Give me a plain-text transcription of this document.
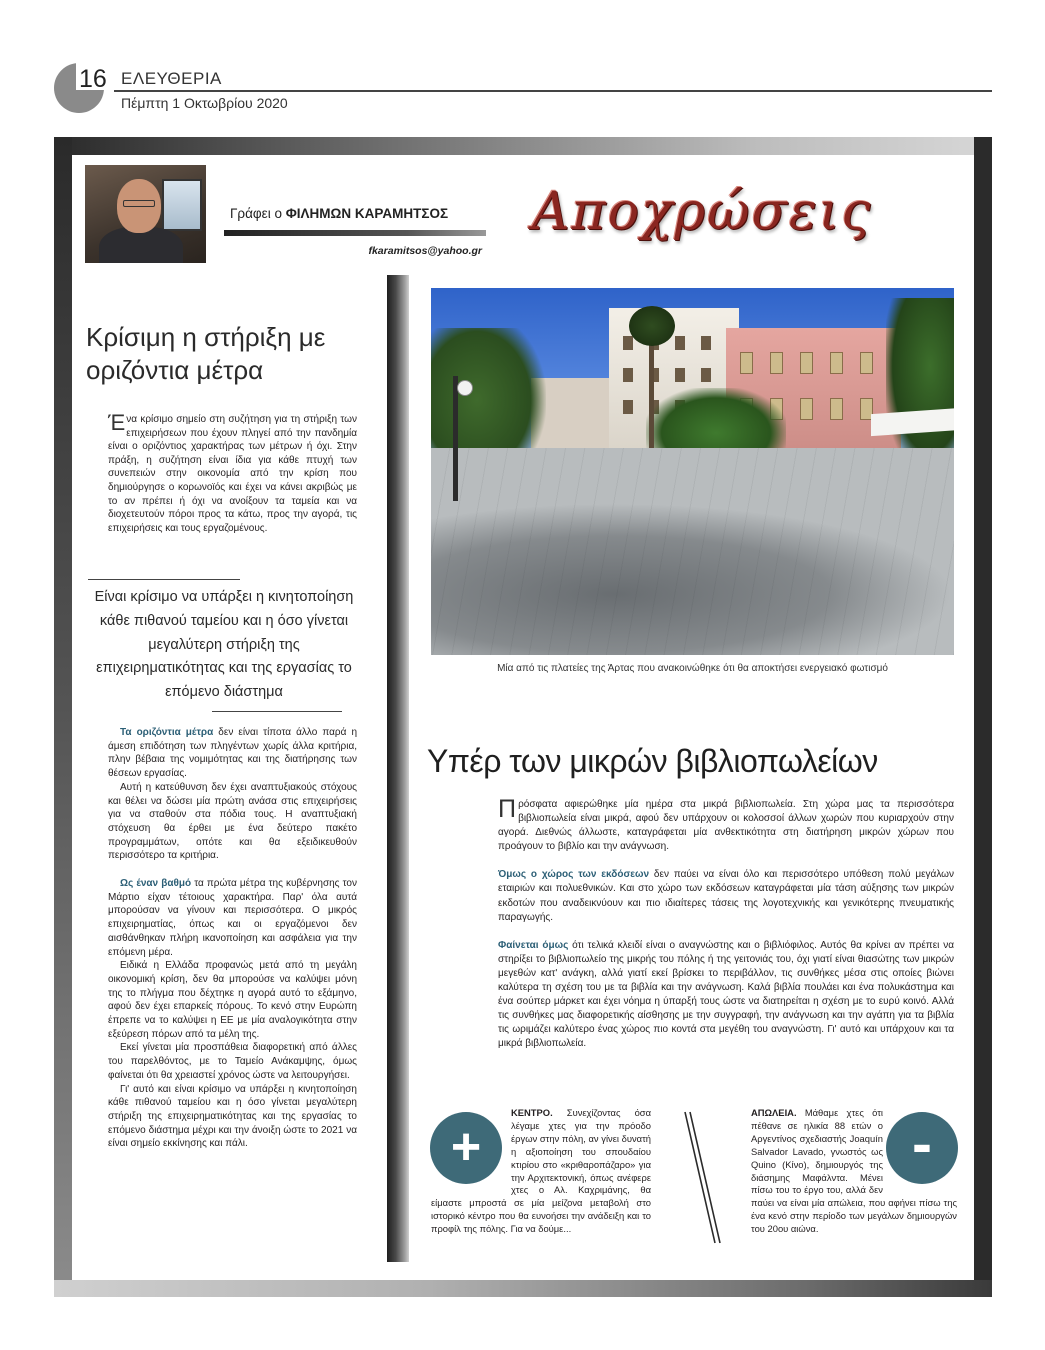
16 ΕΛΕΥΘΕΡΙΑ
Πέμπτη 1 Οκτωβρίου 2020
Γράφει ο ΦΙΛΗΜΩΝ ΚΑΡΑΜΗΤΣΟΣ
fkaramitsos@yahoo.gr
Αποχρώσεις
Κρίσιμη η στήριξη με οριζόντια μέτρα
Ένα κρίσιμο σημείο στη συζήτηση για τη στήριξη των επιχειρήσεων που έχουν πληγεί από την πανδημία είναι ο οριζόντιος χαρακτήρας των μέτρων ή όχι. Στην πράξη, η συζήτηση είναι ίδια για κάθε πτυχή των συνεπειών στην οικονομία από την κρίση που δημιούργησε ο κορωνοϊός και έχει να κάνει ακριβώς με το αν πρέπει ή όχι να ανοίξουν τα ταμεία και να διοχετευτούν πόροι προς τα κάτω, προς την αγορά, τις επιχειρήσεις και τους εργαζομένους.
Είναι κρίσιμο να υπάρξει η κινητοποίηση κάθε πιθανού ταμείου και η όσο γίνεται μεγαλύτερη στήριξη της επιχειρηματικότητας και της εργασίας το επόμενο διάστημα

Τα οριζόντια μέτρα δεν είναι τίποτα άλλο παρά η άμεση επιδότηση των πληγέντων χωρίς άλλα κριτήρια, πλην βέβαια της νομιμότητας και της διατήρησης των θέσεων εργασίας.

Αυτή η κατεύθυνση δεν έχει αναπτυξιακούς στόχους και θέλει να δώσει μία πρώτη ανάσα στις επιχειρήσεις για να σταθούν στα πόδια τους. Η αναπτυξιακή στόχευση θα έρθει με ένα δεύτερο πακέτο προγραμμάτων, οπότε και θα εξειδικευθούν περισσότερο τα κριτήρια.

Ως έναν βαθμό τα πρώτα μέτρα της κυβέρνησης τον Μάρτιο είχαν τέτοιους χαρακτήρα. Παρ' όλα αυτά μπορούσαν να γίνουν και περισσότερα. Ο μικρός επιχειρηματίας, όπως και οι εργαζόμενοι δεν αισθάνθηκαν πλήρη ικανοποίηση και ασφάλεια για την επόμενη μέρα.

Ειδικά η Ελλάδα προφανώς μετά από τη μεγάλη οικονομική κρίση, δεν θα μπορούσε να καλύψει μόνη της το πλήγμα που δέχτηκε η αγορά αυτό το εξάμηνο, αφού δεν έχει επαρκείς πόρους. Το κενό στην Ευρώπη έπρεπε να το καλύψει η ΕΕ με μία αναλογικότητα στην εξεύρεση πόρων από τα μέλη της.

Εκεί γίνεται μία προσπάθεια διαφορετική από άλλες του παρελθόντος, με το Ταμείο Ανάκαμψης, όμως φαίνεται ότι θα χρειαστεί χρόνος ώστε να λειτουργήσει.

Γι' αυτό και είναι κρίσιμο να υπάρξει η κινητοποίηση κάθε πιθανού ταμείου και η όσο γίνεται μεγαλύτερη στήριξη της επιχειρηματικότητας και της εργασίας το επόμενο διάστημα μέχρι και την άνοιξη ώστε το 2021 να είναι σημείο εκκίνησης και πάλι.

Μία από τις πλατείες της Άρτας που ανακοινώθηκε ότι θα αποκτήσει ενεργειακό φωτισμό
Υπέρ των μικρών βιβλιοπωλείων

Πρόσφατα αφιερώθηκε μία ημέρα στα μικρά βιβλιοπωλεία. Στη χώρα μας τα περισσότερα βιβλιοπωλεία είναι μικρά, αφού δεν υπάρχουν οι κολοσσοί άλλων χωρών που κυριαρχούν στην αγορά. Διεθνώς άλλωστε, καταγράφεται μία ανθεκτικότητα στη διατήρηση μικρών χώρων που προάγουν το βιβλίο και την ανάγνωση.

Όμως ο χώρος των εκδόσεων δεν παύει να είναι όλο και περισσότερο υπόθεση πολύ μεγάλων εταιριών και πολυεθνικών. Και στο χώρο των εκδόσεων καταγράφεται μία τάση αύξησης των μικρών εκδοτών που αναδεικνύουν και πιο ιδιαίτερες τάσεις της λογοτεχνικής και γενικότερης πνευματικής παραγωγής.

Φαίνεται όμως ότι τελικά κλειδί είναι ο αναγνώστης και ο βιβλιόφιλος. Αυτός θα κρίνει αν πρέπει να στηρίξει το βιβλιοπωλείο της μικρής του πόλης ή της γειτονιάς του, όχι γιατί είναι θιασώτης των μικρών μεγεθών κατ' ανάγκη, αλλά γιατί εκεί βρίσκει το περιβάλλον, τις συνθήκες μέσα στις οποίες βιώνει καλύτερα τη σχέση του με τα βιβλία και την ανάγνωση. Καλά βιβλία πουλάει και ένα πολυκάστημα και ένα σούπερ μάρκετ και έχει νόημα η ύπαρξή τους ώστε να διατηρείται η σχέση με το ευρύ κοινό. Αλλά τις συνθήκες μας διαφορετικής αίσθησης με την συγγραφή, την ανάγνωση και την αγάπη για τα βιβλία τις ωριμάζει καλύτερο ένας χώρος πιο κοντά στα μεγέθη του αναγνώστη. Γι' αυτό και υπάρχουν και τα μικρά βιβλιοπωλεία.

ΚΕΝΤΡΟ. Συνεχίζοντας όσα λέγαμε χτες για την πρόοδο έργων στην πόλη, αν γίνει δυνατή η αξιοποίηση του σπουδαίου κτιρίου στο «κριθαροπάζαρο» για την Αρχιτεκτονική, όπως ανέφερε χτες ο Αλ. Καχριμάνης, θα είμαστε μπροστά σε μία μείζονα μεταβολή στο ιστορικό κέντρο που θα ευνοήσει την ανάδειξη και το προφίλ της πόλης. Για να δούμε...
+
ΑΠΩΛΕΙΑ. Μάθαμε χτες ότι πέθανε σε ηλικία 88 ετών ο Αργεντίνος σχεδιαστής Joaquín Salvador Lavado, γνωστός ως Quino (Κίνο), δημιουργός της διάσημης Μαφάλντα. Μένει πίσω του το έργο του, αλλά δεν παύει να είναι μία απώλεια, που αφήνει πίσω της ένα κενό στην περίοδο των μεγάλων δημιουργών του 20ου αιώνα.
-
